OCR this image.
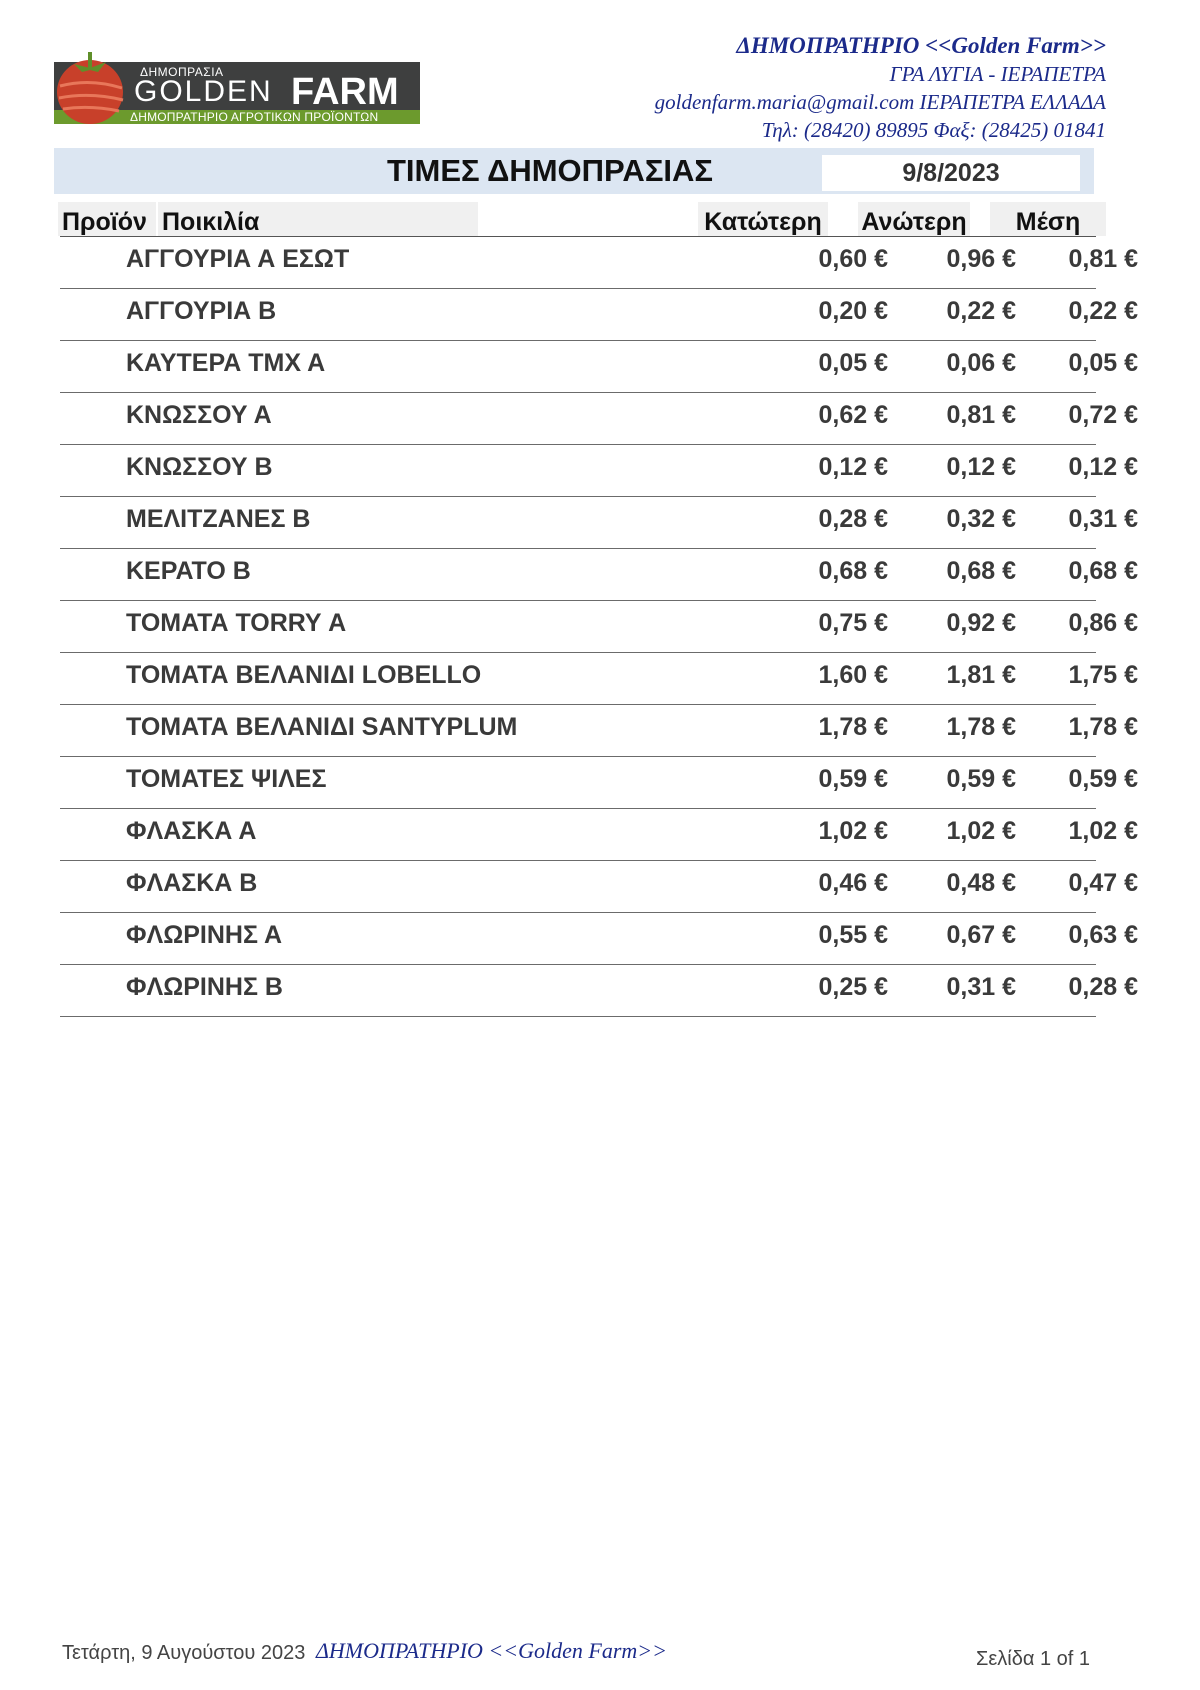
ΔΗΜΟΠΡΑΤΗΡΙΟ ΑΓΡΟΤΙΚΩΝ ΠΡΟΪΟΝΤΩΝ
ΔΗΜΟΠΡΑΣΙΑ
GOLDEN FARM
ΔΗΜΟΠΡΑΤΗΡΙΟ <<Golden Farm>>
ΓΡΑ ΛΥΓΙΑ - ΙΕΡΑΠΕΤΡΑ
goldenfarm.maria@gmail.com ΙΕΡΑΠΕΤΡΑ ΕΛΛΑΔΑ
Τηλ: (28420) 89895 Φαξ: (28425) 01841
ΤΙΜΕΣ ΔΗΜΟΠΡΑΣΙΑΣ	9/8/2023
Προϊόν Ποικιλία	Κατώτερη Ανώτερη	Μέση
ΑΓΓΟΥΡΙΑ Α ΕΣΩΤ	0,60 €	0,96 €	0,81 €
ΑΓΓΟΥΡΙΑ Β	0,20 €	0,22 €	0,22 €
ΚΑΥΤΕΡΑ ΤΜΧ Α	0,05 €	0,06 €	0,05 €
ΚΝΩΣΣΟΥ Α	0,62 €	0,81 €	0,72 €
ΚΝΩΣΣΟΥ Β	0,12 €	0,12 €	0,12 €
ΜΕΛΙΤΖΑΝΕΣ Β	0,28 €	0,32 €	0,31 €
ΚΕΡΑΤΟ Β	0,68 €	0,68 €	0,68 €
ΤΟΜΑΤΑ TORRY Α	0,75 €	0,92 €	0,86 €
ΤΟΜΑΤΑ ΒΕΛΑΝΙΔΙ LOBELLO	1,60 €	1,81 €	1,75 €
ΤΟΜΑΤΑ ΒΕΛΑΝΙΔΙ SANTYPLUM	1,78 €	1,78 €	1,78 €
ΤΟΜΑΤΕΣ ΨΙΛΕΣ	0,59 €	0,59 €	0,59 €
ΦΛΑΣΚΑ Α	1,02 €	1,02 €	1,02 €
ΦΛΑΣΚΑ Β	0,46 €	0,48 €	0,47 €
ΦΛΩΡΙΝΗΣ Α	0,55 €	0,67 €	0,63 €
ΦΛΩΡΙΝΗΣ Β	0,25 €	0,31 €	0,28 €
Τετάρτη, 9 Αυγούστου 2023 ΔΗΜΟΠΡΑΤΗΡΙΟ <<Golden Farm>>	Σελίδα 1 of 1
